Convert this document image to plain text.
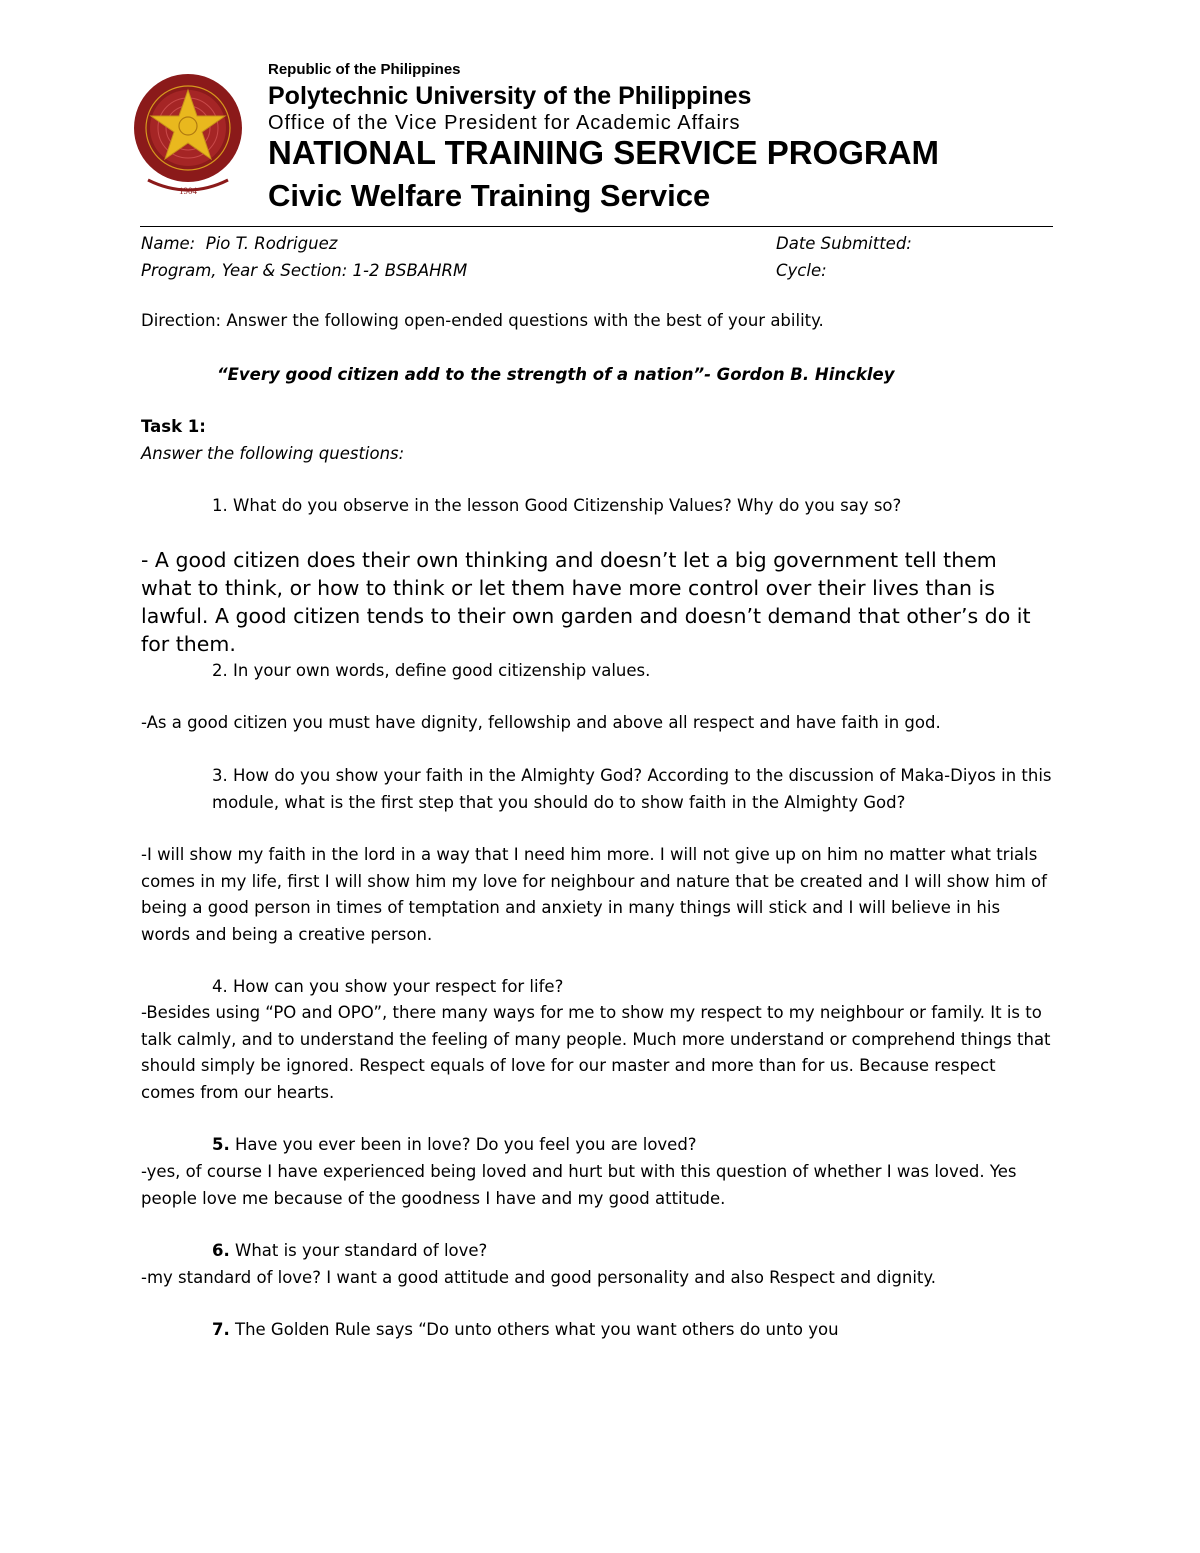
1904
Republic of the Philippines
Polytechnic University of the Philippines
Office of the Vice President for Academic Affairs
NATIONAL TRAINING SERVICE PROGRAM
Civic Welfare Training Service
Name: Pio T. Rodriguez
Program, Year & Section: 1-2 BSBAHRM
Date Submitted:
Cycle:
Direction: Answer the following open-ended questions with the best of your ability.
“Every good citizen add to the strength of a nation”- Gordon B. Hinckley
Task 1:
Answer the following questions:

1. What do you observe in the lesson Good Citizenship Values? Why do you say so?

- A good citizen does their own thinking and doesn’t let a big government tell them what to think, or how to think or let them have more control over their lives than is lawful. A good citizen tends to their own garden and doesn’t demand that other’s do it for them.

2. In your own words, define good citizenship values.

-As a good citizen you must have dignity, fellowship and above all respect and have faith in god.

3. How do you show your faith in the Almighty God? According to the discussion of Maka-Diyos in this module, what is the first step that you should do to show faith in the Almighty God?

-I will show my faith in the lord in a way that I need him more. I will not give up on him no matter what trials comes in my life, first I will show him my love for neighbour and nature that be created and I will show him of being a good person in times of temptation and anxiety in many things will stick and I will believe in his words and being a creative person.

4. How can you show your respect for life?

-Besides using “PO and OPO”, there many ways for me to show my respect to my neighbour or family. It is to talk calmly, and to understand the feeling of many people. Much more understand or comprehend things that should simply be ignored. Respect equals of love for our master and more than for us. Because respect comes from our hearts.

5. Have you ever been in love? Do you feel you are loved?

-yes, of course I have experienced being loved and hurt but with this question of whether I was loved. Yes people love me because of the goodness I have and my good attitude.

6. What is your standard of love?

-my standard of love? I want a good attitude and good personality and also Respect and dignity.

7. The Golden Rule says “Do unto others what you want others do unto you
